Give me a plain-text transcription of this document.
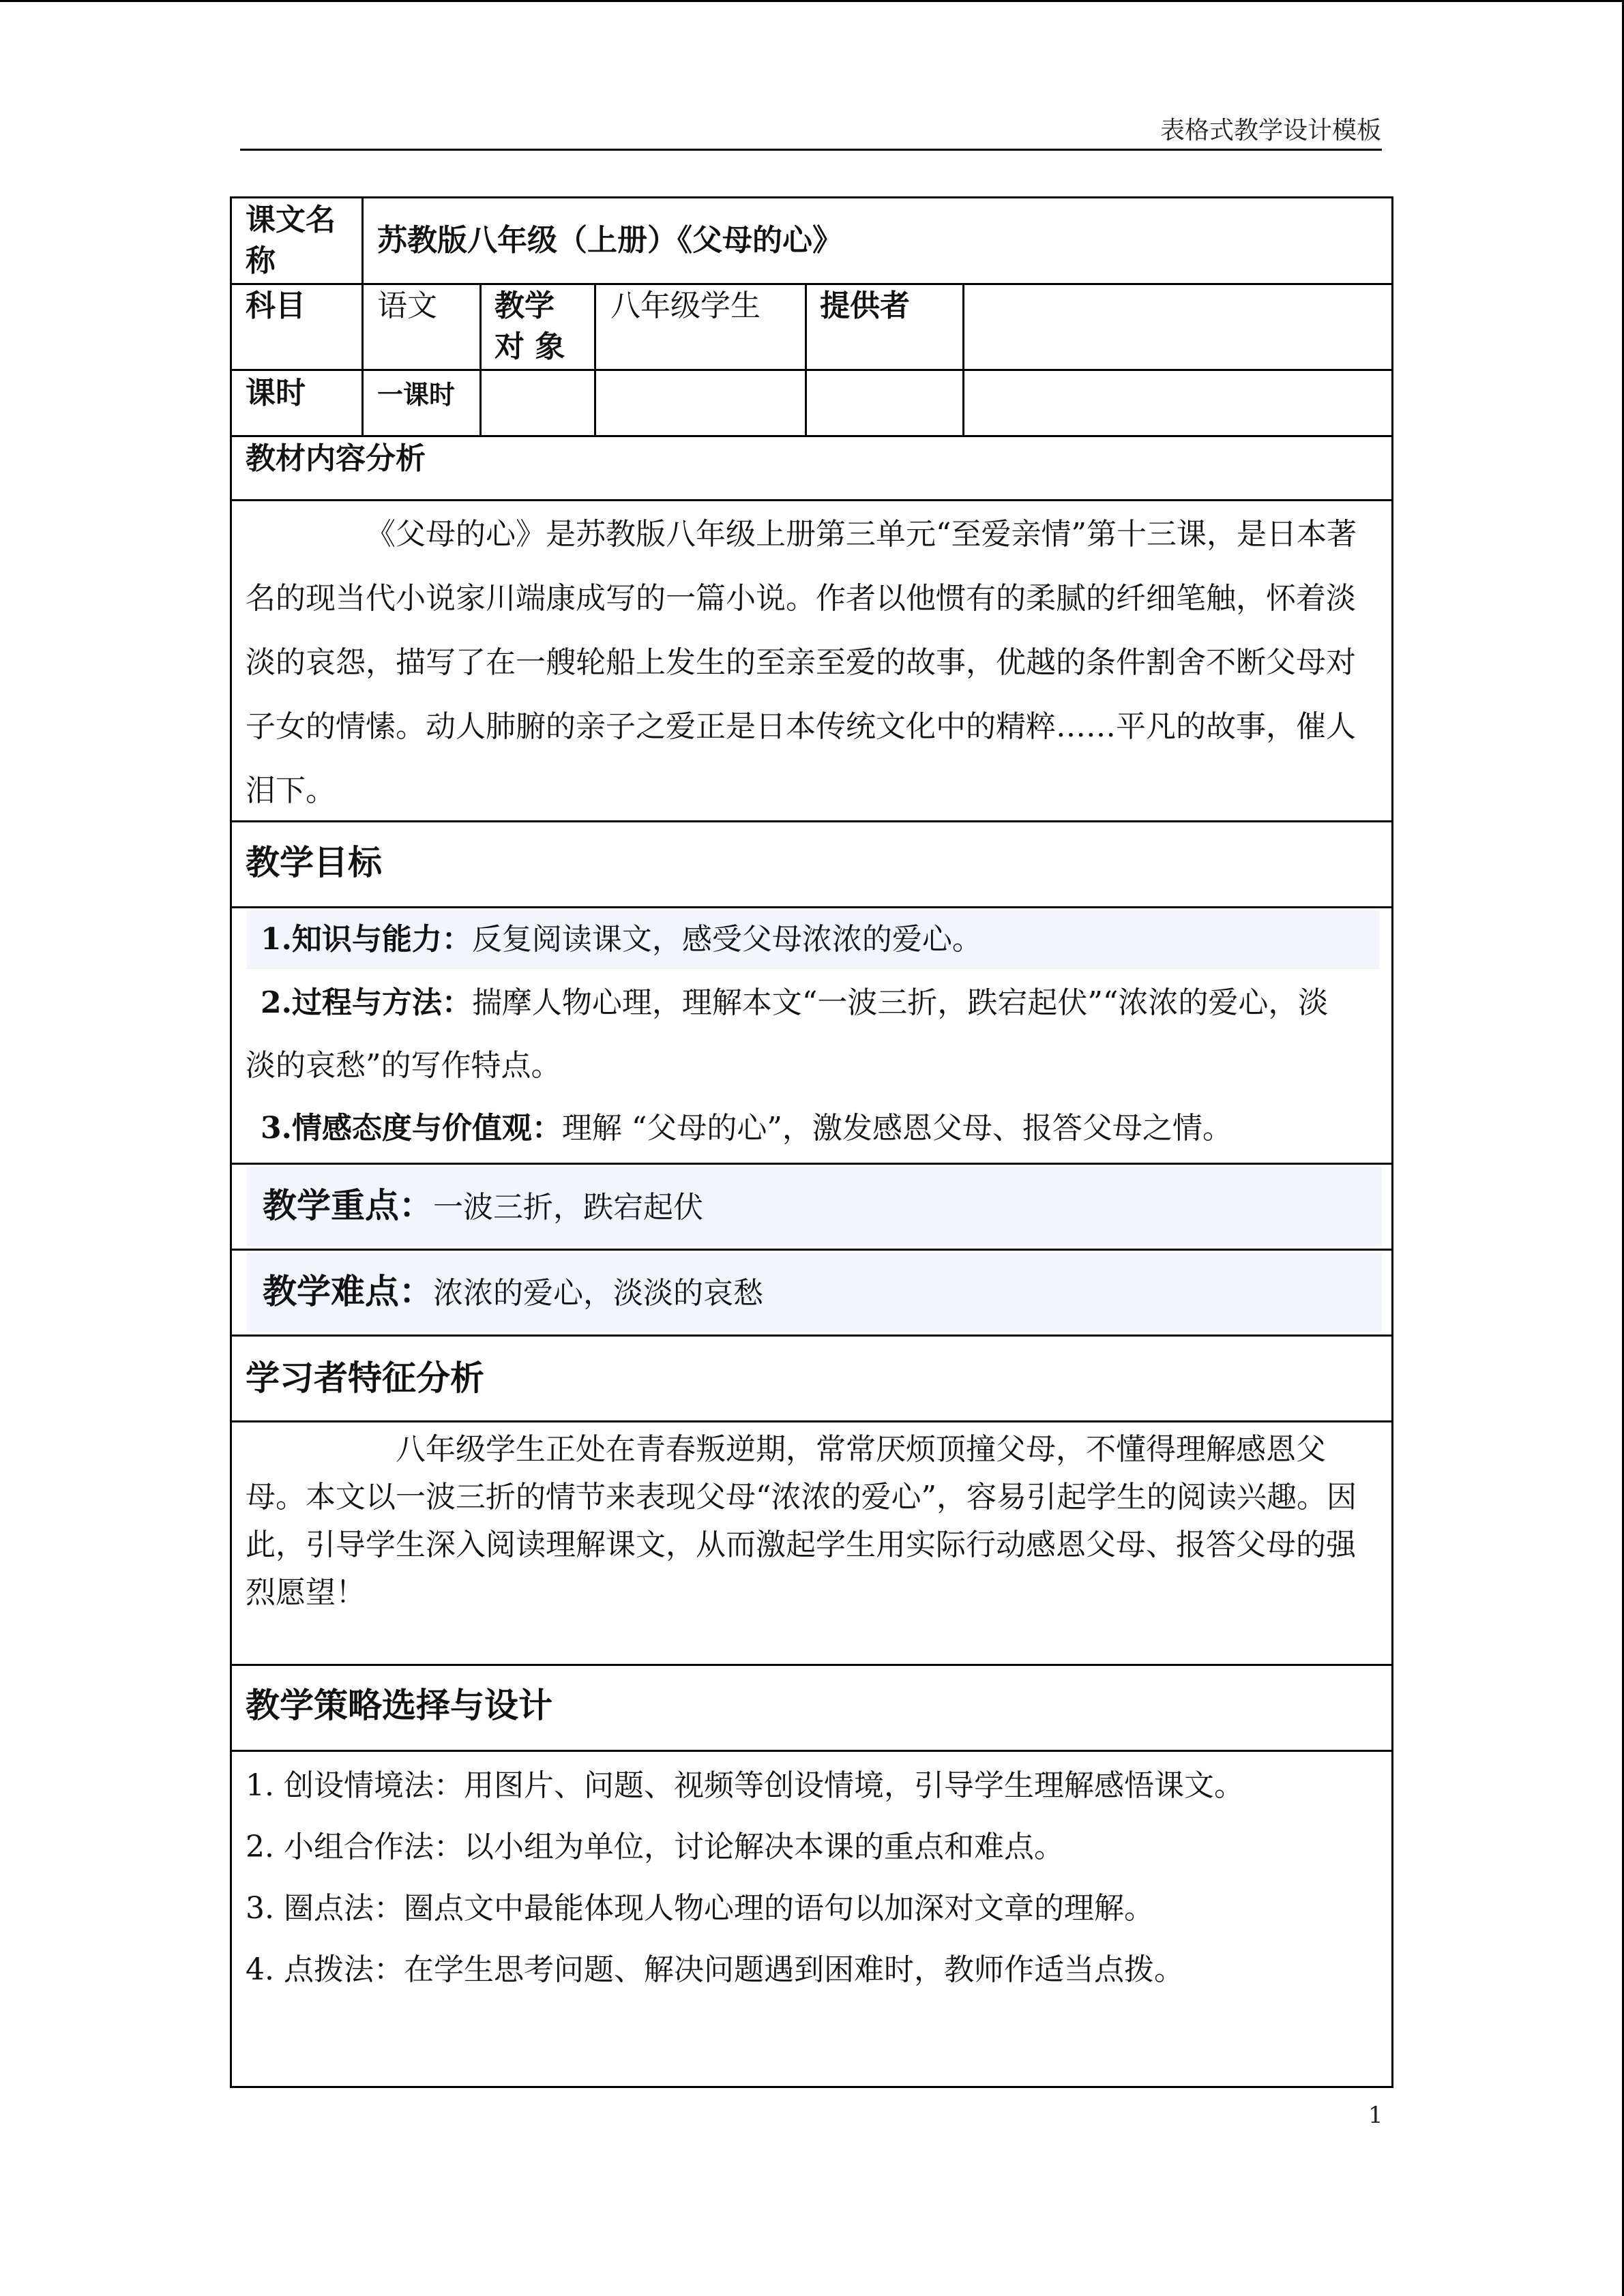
表格式教学设计模板
课文名称
苏教版八年级（上册）《父母的心》
科目 语文 教学对 象
八年级学生 提供者
课时	一课时
教材内容分析

《父母的心》是苏教版八年级上册第三单元“至爱亲情”第十三课，是日本著名的现当代小说家川端康成写的一篇小说。作者以他惯有的柔腻的纤细笔触，怀着淡淡的哀怨，描写了在一艘轮船上发生的至亲至爱的故事，优越的条件割舍不断父母对子女的情愫。动人肺腑的亲子之爱正是日本传统文化中的精粹……平凡的故事，催人泪下。

教学目标
1.知识与能力：反复阅读课文，感受父母浓浓的爱心。
2.过程与方法：揣摩人物心理，理解本文“一波三折，跌宕起伏”“浓浓的爱心，淡淡的哀愁”的写作特点。
3.情感态度与价值观：理解 “父母的心”，激发感恩父母、报答父母之情。
教学重点：一波三折，跌宕起伏
教学难点：浓浓的爱心，淡淡的哀愁
学习者特征分析

八年级学生正处在青春叛逆期，常常厌烦顶撞父母，不懂得理解感恩父母。本文以一波三折的情节来表现父母“浓浓的爱心”，容易引起学生的阅读兴趣。因此，引导学生深入阅读理解课文，从而激起学生用实际行动感恩父母、报答父母的强烈愿望！

教学策略选择与设计

1. 创设情境法：用图片、问题、视频等创设情境，引导学生理解感悟课文。

2. 小组合作法：以小组为单位，讨论解决本课的重点和难点。

3. 圈点法：圈点文中最能体现人物心理的语句以加深对文章的理解。

4. 点拨法：在学生思考问题、解决问题遇到困难时，教师作适当点拨。

1
